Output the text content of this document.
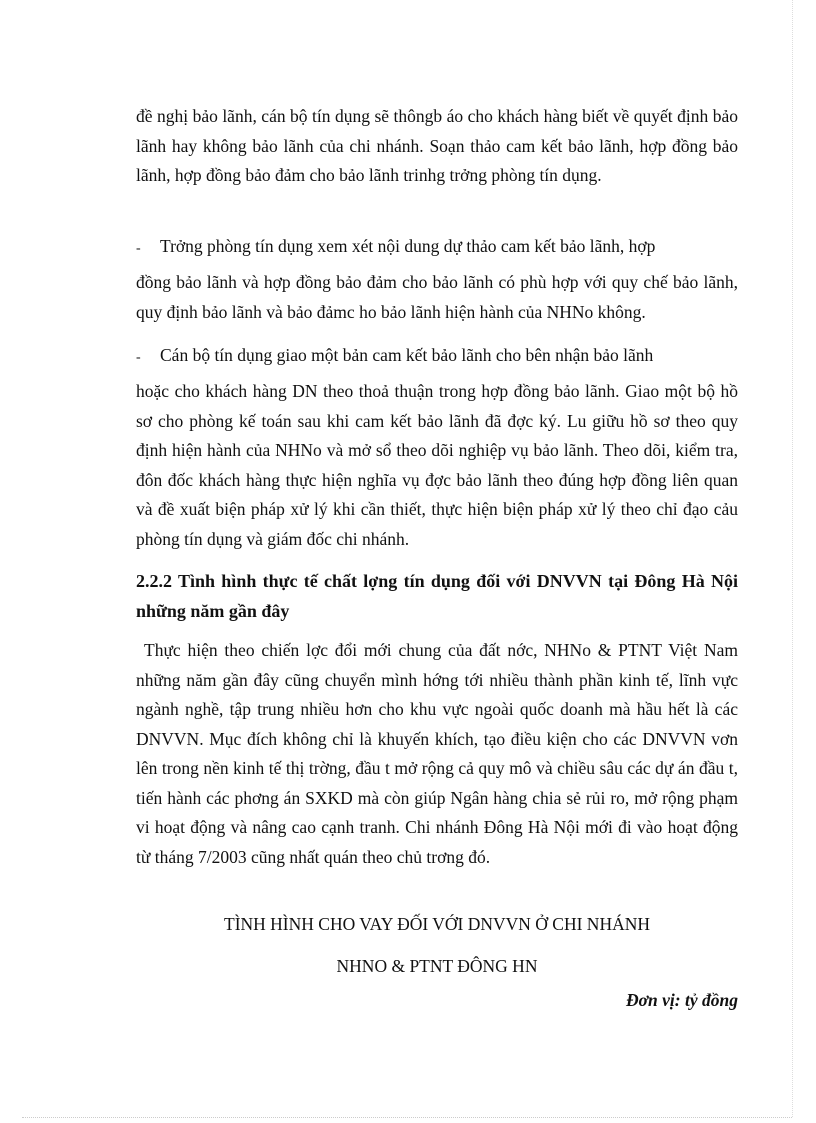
đề nghị bảo lãnh, cán bộ tín dụng sẽ thôngb áo cho khách hàng biết về quyết định bảo lãnh hay không bảo lãnh của chi nhánh. Soạn thảo cam kết bảo lãnh, hợp đồng bảo lãnh, hợp đồng bảo đảm cho bảo lãnh trinhg trởng phòng tín dụng.
-	Trởng phòng tín dụng xem xét nội dung dự thảo cam kết bảo lãnh, hợp
đồng bảo lãnh và hợp đồng bảo đảm cho bảo lãnh có phù hợp với quy chế bảo lãnh, quy định bảo lãnh và bảo đảmc ho bảo lãnh hiện hành của NHNo không.
-	Cán bộ tín dụng giao một bản cam kết bảo lãnh cho bên nhận bảo lãnh
hoặc cho khách hàng DN theo thoả thuận trong hợp đồng bảo lãnh. Giao một bộ hồ sơ cho phòng kế toán sau khi cam kết bảo lãnh đã đợc ký. Lu giữu hồ sơ theo quy định hiện hành của NHNo và mở sổ theo dõi nghiệp vụ bảo lãnh. Theo dõi, kiểm tra, đôn đốc khách hàng thực hiện nghĩa vụ đợc bảo lãnh theo đúng hợp đồng liên quan và đề xuất biện pháp xử lý khi cần thiết, thực hiện biện pháp xử lý theo chỉ đạo cảu phòng tín dụng và giám đốc chi nhánh.
2.2.2 Tình hình thực tế chất lợng tín dụng đối với DNVVN tại Đông Hà Nội những năm gần đây
Thực hiện theo chiến lợc đổi mới chung của đất nớc, NHNo & PTNT Việt Nam những năm gần đây cũng chuyển mình hớng tới nhiều thành phần kinh tế, lĩnh vực ngành nghề, tập trung nhiều hơn cho khu vực ngoài quốc doanh mà hầu hết là các DNVVN. Mục đích không chỉ là khuyến khích, tạo điều kiện cho các DNVVN vơn lên trong nền kinh tế thị trờng, đầu t mở rộng cả quy mô và chiều sâu các dự án đầu t, tiến hành các phơng án SXKD mà còn giúp Ngân hàng chia sẻ rủi ro, mở rộng phạm vi hoạt động và nâng cao cạnh tranh. Chi nhánh Đông Hà Nội mới đi vào hoạt động từ tháng 7/2003 cũng nhất quán theo chủ trơng đó.
TÌNH HÌNH CHO VAY ĐỐI VỚI DNVVN Ở CHI NHÁNH
NHNO & PTNT ĐÔNG HN
Đơn vị: tỷ đồng
